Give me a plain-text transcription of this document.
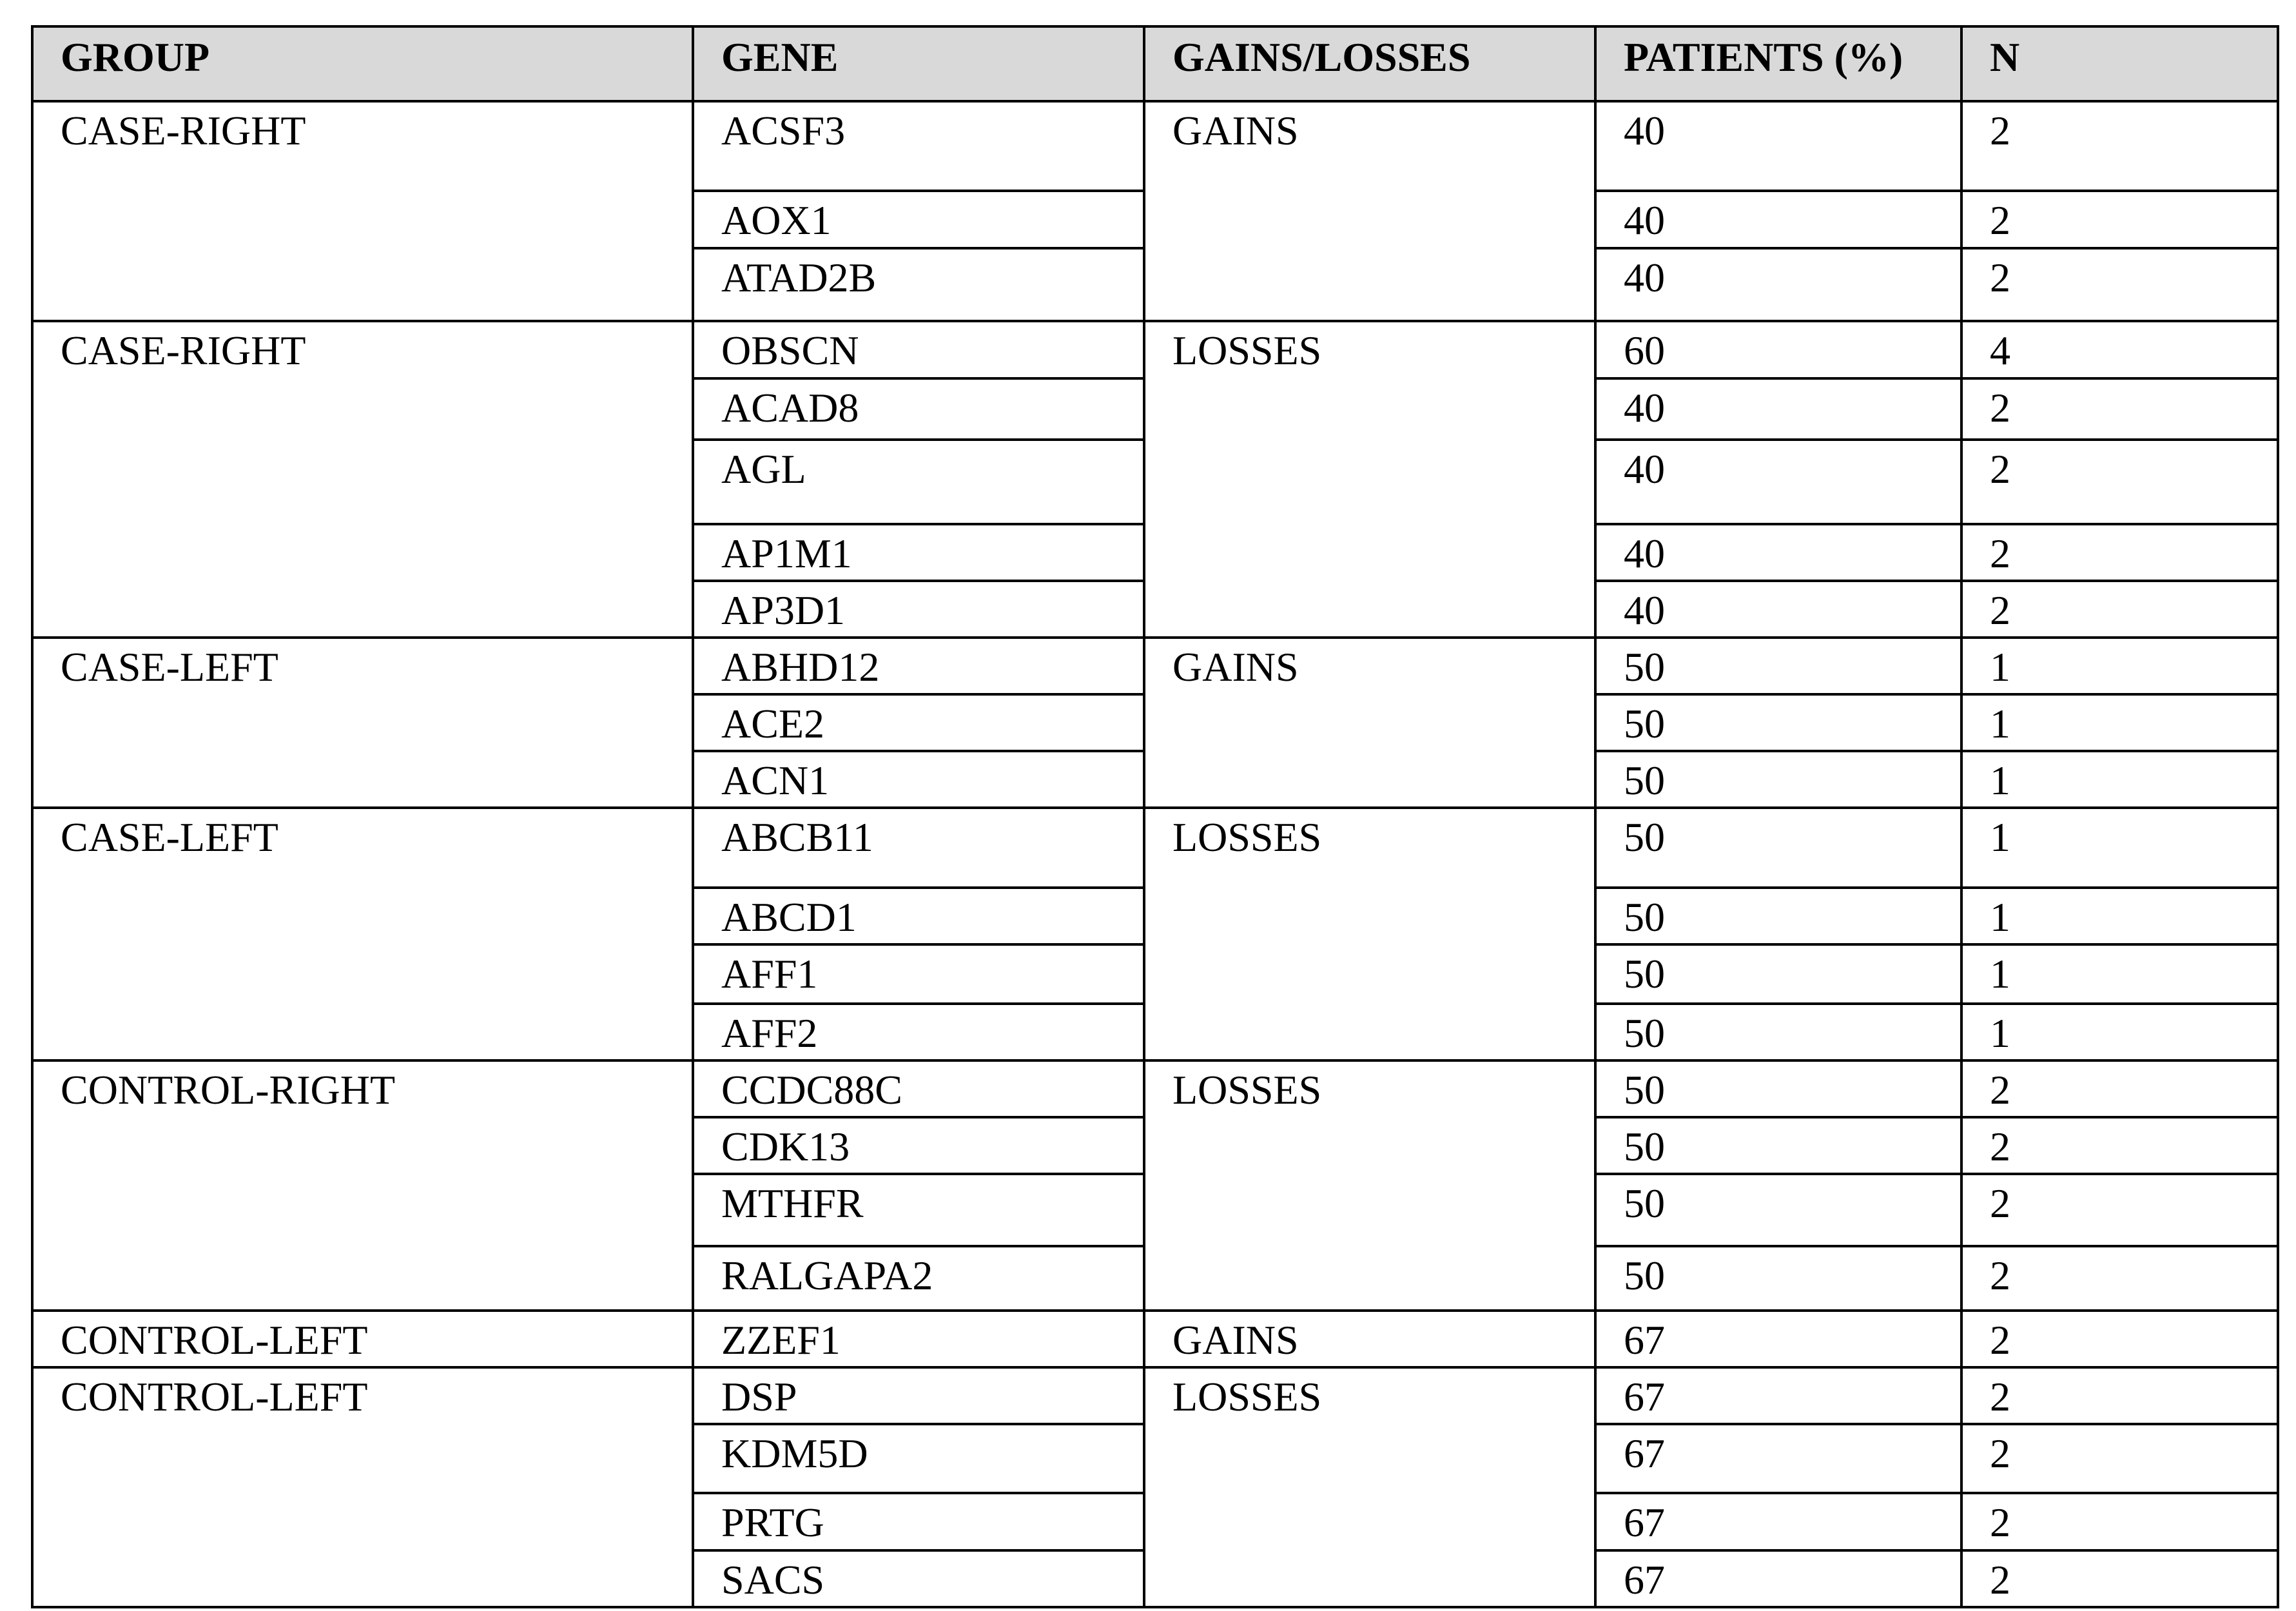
GROUP	GENE	GAINS/LOSSES	PATIENTS (%)	N
CASE-RIGHT	ACSF3	GAINS	40	2
	AOX1		40	2
	ATAD2B		40	2
CASE-RIGHT	OBSCN	LOSSES	60	4
	ACAD8		40	2
	AGL		40	2
	AP1M1		40	2
	AP3D1		40	2
CASE-LEFT	ABHD12	GAINS	50	1
	ACE2		50	1
	ACN1		50	1
CASE-LEFT	ABCB11	LOSSES	50	1
	ABCD1		50	1
	AFF1		50	1
	AFF2		50	1
CONTROL-RIGHT	CCDC88C	LOSSES	50	2
	CDK13		50	2
	MTHFR		50	2
	RALGAPA2		50	2
CONTROL-LEFT	ZZEF1	GAINS	67	2
CONTROL-LEFT	DSP	LOSSES	67	2
	KDM5D		67	2
	PRTG		67	2
	SACS		67	2
